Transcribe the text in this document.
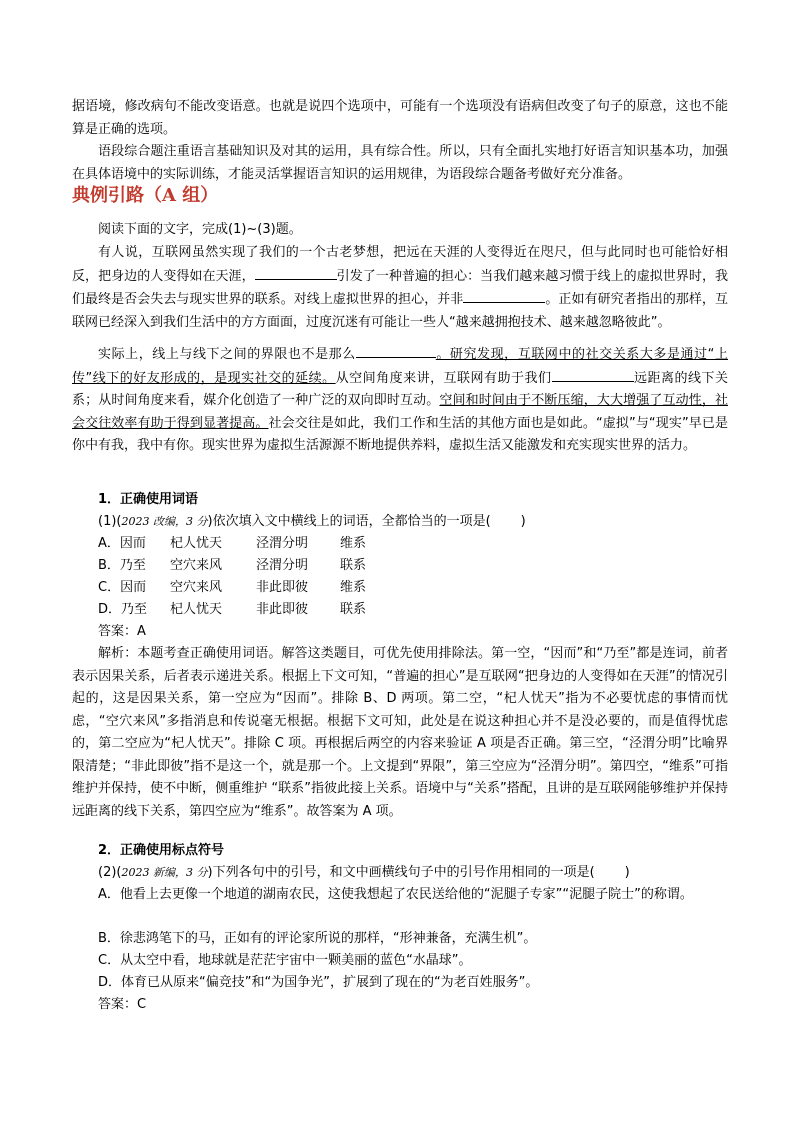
据语境，修改病句不能改变语意。也就是说四个选项中，可能有一个选项没有语病但改变了句子的原意，这也不能算是正确的选项。
语段综合题注重语言基础知识及对其的运用，具有综合性。所以，只有全面扎实地打好语言知识基本功，加强在具体语境中的实际训练，才能灵活掌握语言知识的运用规律，为语段综合题备考做好充分准备。
典例引路（A 组）
阅读下面的文字，完成(1)~(3)题。
有人说，互联网虽然实现了我们的一个古老梦想，把远在天涯的人变得近在咫尺，但与此同时也可能恰好相反，把身边的人变得如在天涯，	引发了一种普遍的担心：当我们越来越习惯于线上的虚拟世界时，我们最终是否会失去与现实世界的联系。对线上虚拟世界的担心，并非	。正如有研究者指出的那样，互联网已经深入到我们生活中的方方面面，过度沉迷有可能让一些人“越来越拥抱技术、越来越忽略彼此”。
实际上，线上与线下之间的界限也不是那么	。研究发现，互联网中的社交关系大多是通过“上传”线下的好友形成的，是现实社交的延续。从空间角度来讲，互联网有助于我们	远距离的线下关系；从时间角度来看，媒介化创造了一种广泛的双向即时互动。空间和时间由于不断压缩，大大增强了互动性，社会交往效率有助于得到显著提高。社会交往是如此，我们工作和生活的其他方面也是如此。“虚拟”与“现实”早已是你中有我，我中有你。现实世界为虚拟生活源源不断地提供养料，虚拟生活又能激发和充实现实世界的活力。
1．正确使用词语
(1)(2023 改编，3 分)依次填入文中横线上的词语，全都恰当的一项是( )
A．因而 杞人忧天	泾渭分明 维系
B．乃至 空穴来风	泾渭分明 联系
C．因而 空穴来风	非此即彼 维系
D．乃至 杞人忧天	非此即彼 联系
答案：A
解析：本题考查正确使用词语。解答这类题目，可优先使用排除法。第一空，“因而”和“乃至”都是连词，前者表示因果关系，后者表示递进关系。根据上下文可知，“普遍的担心”是互联网“把身边的人变得如在天涯”的情况引起的，这是因果关系，第一空应为“因而”。排除 B、D 两项。第二空，“杞人忧天”指为不必要忧虑的事情而忧虑，“空穴来风”多指消息和传说毫无根据。根据下文可知，此处是在说这种担心并不是没必要的，而是值得忧虑的，第二空应为“杞人忧天”。排除 C 项。再根据后两空的内容来验证 A 项是否正确。第三空，“泾渭分明”比喻界限清楚；“非此即彼”指不是这一个，就是那一个。上文提到“界限”，第三空应为“泾渭分明”。第四空，“维系”可指维护并保持，使不中断，侧重维护 “联系”指彼此接上关系。语境中与“关系”搭配，且讲的是互联网能够维护并保持远距离的线下关系，第四空应为“维系”。故答案为 A 项。
2．正确使用标点符号
(2)(2023 新编，3 分)下列各句中的引号，和文中画横线句子中的引号作用相同的一项是( )
A．他看上去更像一个地道的湖南农民，这使我想起了农民送给他的“泥腿子专家”“泥腿子院士”的称谓。
B．徐悲鸿笔下的马，正如有的评论家所说的那样，“形神兼备，充满生机”。
C．从太空中看，地球就是茫茫宇宙中一颗美丽的蓝色“水晶球”。
D．体育已从原来“偏竞技”和“为国争光”，扩展到了现在的“为老百姓服务”。
答案：C
